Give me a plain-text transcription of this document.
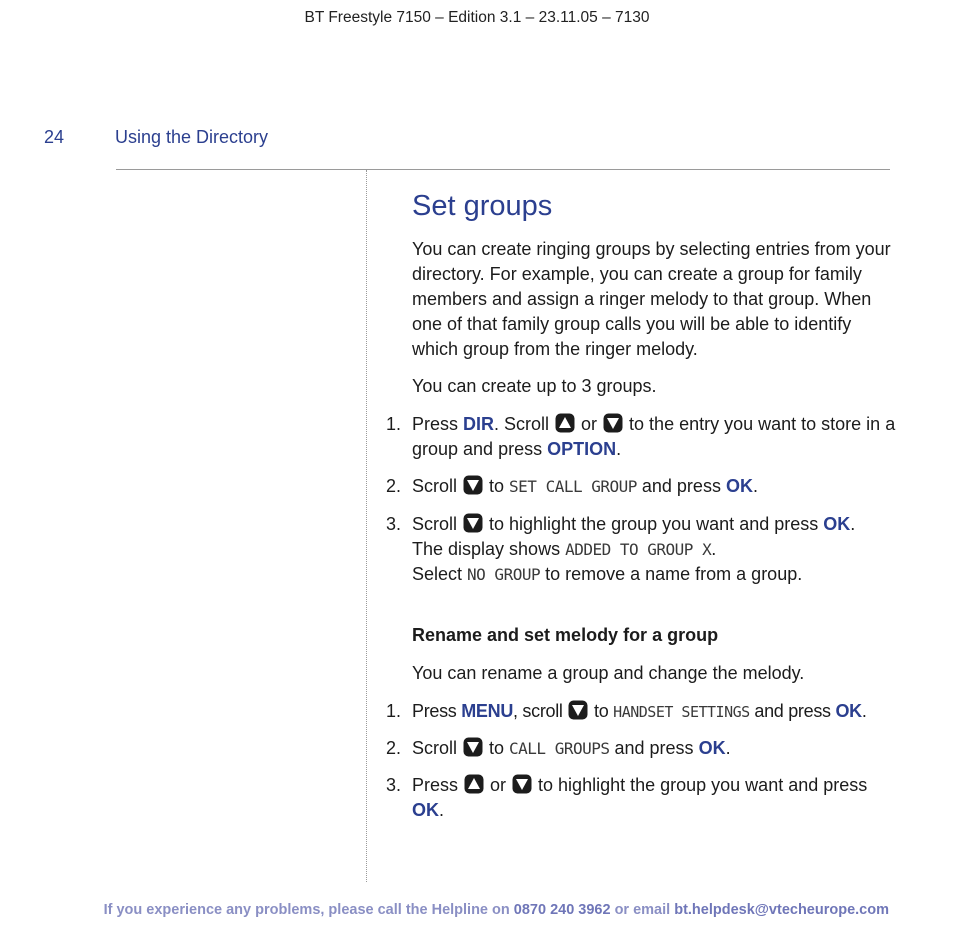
BT Freestyle 7150 – Edition 3.1 – 23.11.05 – 7130
24	Using the Directory
Set groups
You can create ringing groups by selecting entries from your directory. For example, you can create a group for family members and assign a ringer melody to that group. When one of that family group calls you will be able to identify which group from the ringer melody.
You can create up to 3 groups.
1. Press DIR. Scroll  or  to the entry you want to store in a group and press OPTION.
2. Scroll  to SET CALL GROUP and press OK.
3. Scroll  to highlight the group you want and press OK.
The display shows ADDED TO GROUP X.
Select NO GROUP to remove a name from a group.
Rename and set melody for a group
You can rename a group and change the melody.
1. Press MENU, scroll  to HANDSET SETTINGS and press OK.
2. Scroll  to CALL GROUPS and press OK.
3. Press  or  to highlight the group you want and press OK.
If you experience any problems, please call the Helpline on 0870 240 3962 or email bt.helpdesk@vtecheurope.com
